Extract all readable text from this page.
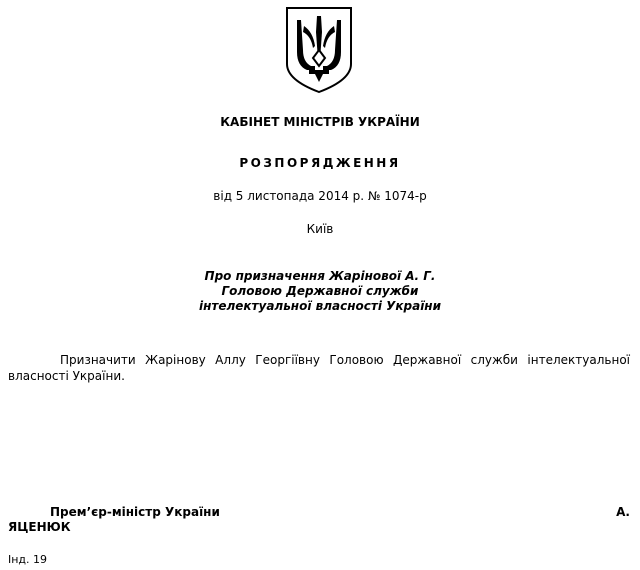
КАБІНЕТ МІНІСТРІВ УКРАЇНИ
РОЗПОРЯДЖЕННЯ
від 5 листопада 2014 р. № 1074-р
Київ
Про призначення Жарінової А. Г.
Головою Державної служби
інтелектуальної власності України
Призначити Жарінову Аллу Георгіївну Головою Державної служби інтелектуальної власності України.
Прем’єр-міністр України	А.
ЯЦЕНЮК
Інд. 19
